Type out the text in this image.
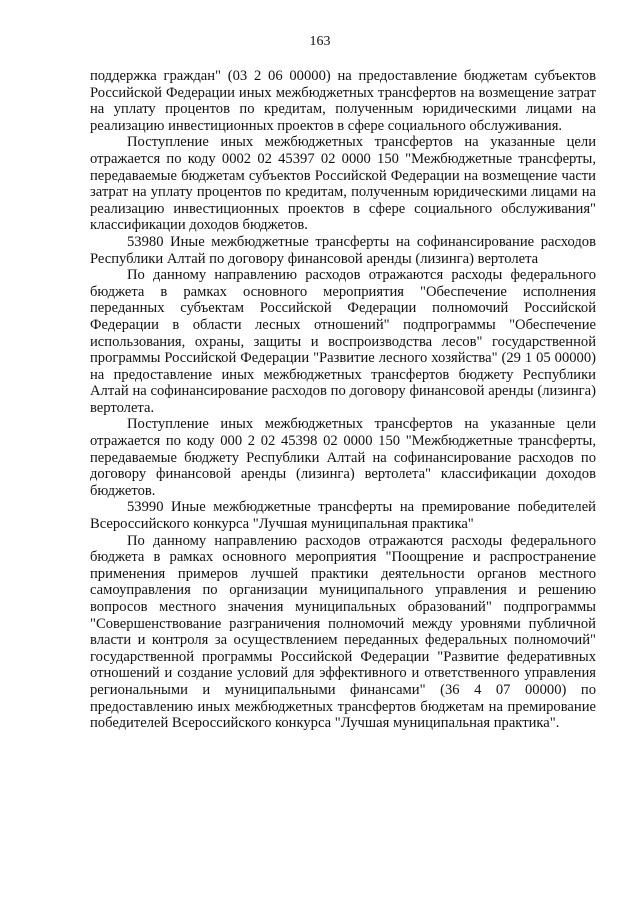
163

поддержка граждан" (03 2 06 00000) на предоставление бюджетам субъектов Российской Федерации иных межбюджетных трансфертов на возмещение затрат на уплату процентов по кредитам, полученным юридическими лицами на реализацию инвестиционных проектов в сфере социального обслуживания.

Поступление иных межбюджетных трансфертов на указанные цели отражается по коду 0002 02 45397 02 0000 150 "Межбюджетные трансферты, передаваемые бюджетам субъектов Российской Федерации на возмещение части затрат на уплату процентов по кредитам, полученным юридическими лицами на реализацию инвестиционных проектов в сфере социального обслуживания" классификации доходов бюджетов.

53980 Иные межбюджетные трансферты на софинансирование расходов Республики Алтай по договору финансовой аренды (лизинга) вертолета

По данному направлению расходов отражаются расходы федерального бюджета в рамках основного мероприятия "Обеспечение исполнения переданных субъектам Российской Федерации полномочий Российской Федерации в области лесных отношений" подпрограммы "Обеспечение использования, охраны, защиты и воспроизводства лесов" государственной программы Российской Федерации "Развитие лесного хозяйства" (29 1 05 00000) на предоставление иных межбюджетных трансфертов бюджету Республики Алтай на софинансирование расходов по договору финансовой аренды (лизинга) вертолета.

Поступление иных межбюджетных трансфертов на указанные цели отражается по коду 000 2 02 45398 02 0000 150 "Межбюджетные трансферты, передаваемые бюджету Республики Алтай на софинансирование расходов по договору финансовой аренды (лизинга) вертолета" классификации доходов бюджетов.

53990 Иные межбюджетные трансферты на премирование победителей Всероссийского конкурса "Лучшая муниципальная практика"

По данному направлению расходов отражаются расходы федерального бюджета в рамках основного мероприятия "Поощрение и распространение применения примеров лучшей практики деятельности органов местного самоуправления по организации муниципального управления и решению вопросов местного значения муниципальных образований" подпрограммы "Совершенствование разграничения полномочий между уровнями публичной власти и контроля за осуществлением переданных федеральных полномочий" государственной программы Российской Федерации "Развитие федеративных отношений и создание условий для эффективного и ответственного управления региональными и муниципальными финансами" (36 4 07 00000) по предоставлению иных межбюджетных трансфертов бюджетам на премирование победителей Всероссийского конкурса "Лучшая муниципальная практика".
